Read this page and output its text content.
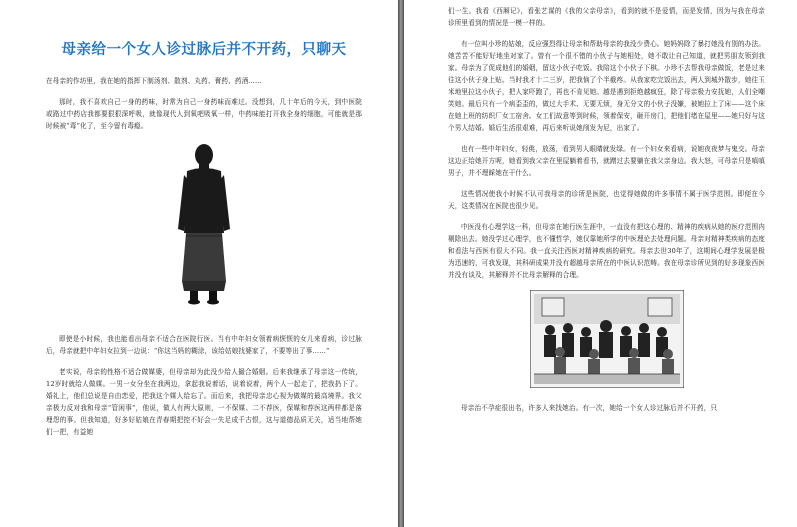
母亲给一个女人诊过脉后并不开药，只聊天

在母亲的作坊里，我在她的指挥下制汤剂、散剂、丸药、膏药、药酒……

那时，我不喜欢自己一身的药味，时常为自己一身药味而难过。没想到，几十年后的今天，到中医院或路过中药店我都要狠狠深呼吸，就像现代人到氧吧吸氧一样，中药味能打开我全身的细胞，可能就是那时候被“毒”化了，至今留有毒瘾。

即使是小时候，我也能看出母亲不适合在医院行医。当有中年妇女领着病恹恹的女儿来看病，诊过脉后，母亲就把中年妇女拉到一边说：“你这当妈的糊涂，该给姑娘找婆家了，不要等出了事……”

老实说，母亲的性格不适合做媒婆，但母亲却为此没少给人撮合婚姻。后来我继承了母亲这一传统，12岁时就给人做媒。一男一女分坐在我两边，拿起我说着话，说着说着，两个人一起走了，把我扔下了。婚礼上，他们总说是自由恋爱，把我这个媒人给忘了。而后来，我把母亲忠心视为做媒的最高境界。我父亲极力反对我和母亲“管闲事”，他说，做人有两大原则，一不保媒、二不荐医，保媒和荐医这两样都是落埋怨的事。但我知道，好多好姑娘在青春期把控不好会一失足成千古恨，这与道德品质无关，适当地帮她们一把，有益她

们一生。我看《西厢记》，看张艺谋的《我的父亲母亲》，看到的就不是爱情，而是发情，因为与我在母亲诊所里看到的情况是一模一样的。

有一位叫小珍的姑娘，反应强烈得让母亲和帮助母亲的我没少费心。她妈妈除了暴打她没有别的办法。她苦苦不能好好地坐对家了。曾有一个很不错的小伙子与她相处，她不敢让自己知道，就把男朋友领到我家。母亲为了促成他们的婚姻，留这小伙子吃饭。我陪这个小伙子下棋。小珍不去帮我母亲做饭，老是过来往这小伙子身上贴。当时我才十二三岁，把我恼了个半截疼。从我家吃完饭出去，两人到城外散步，她往玉米地里拉这小伙子，把人家吓跑了，再也不肯见她。越是遇到拒绝越疯狂，除了母亲极力安抚她，人们全嘲笑她。最后只有一个病歪歪的，做过大手术、无要无烦，身无分文的小伙子没嫌，被她拉上了床——这个床在她上班的纺织厂女工宿舍。女工们故意等到时候，领着保安，砸开房门，把他们堵在屋里——她只好与这个男人结婚。婚后生活很艰难，再后来听说她削发为尼，出家了。

也有一些中年妇女，轻佻，放荡，看到男人眼睛就发绿。有一个妇女来看病，说她夜夜梦与鬼交。母亲这边正给她开方呢，她看到我父亲在里屋躺着看书，就蹭过去要躺在我父亲身边。我大怒，可母亲只是嗔嗔男子，并不理睬她在干什么。

这些情况使我小时候不认可我母亲的诊所是医院，也觉得她做的许多事情不属于医学范围。即便在今天，这类情况在医院也很少见。

中医没有心理学这一科，但母亲在她行医生涯中，一直没有把这心理的、精神的疾病从她的医疗范围内剔除出去。她没学过心理学，也不懂哲学，她仅靠她所学的中医理论去处理问题。母亲对精神类疾病的态度和看法与西医有很大不同。我一直关注西医对精神疾病的研究。母亲去世30年了，这期间心理学发展是极为迅速的，可我发现，其科研成果并没有超越母亲所在的中医认识范畴。我在母亲诊所见到的好多现象西医并没有谈及，其解释并不比母亲解释的合理。

母亲治不孕症很出名，许多人来找她治。有一次，她给一个女人诊过脉后并不开药，只
